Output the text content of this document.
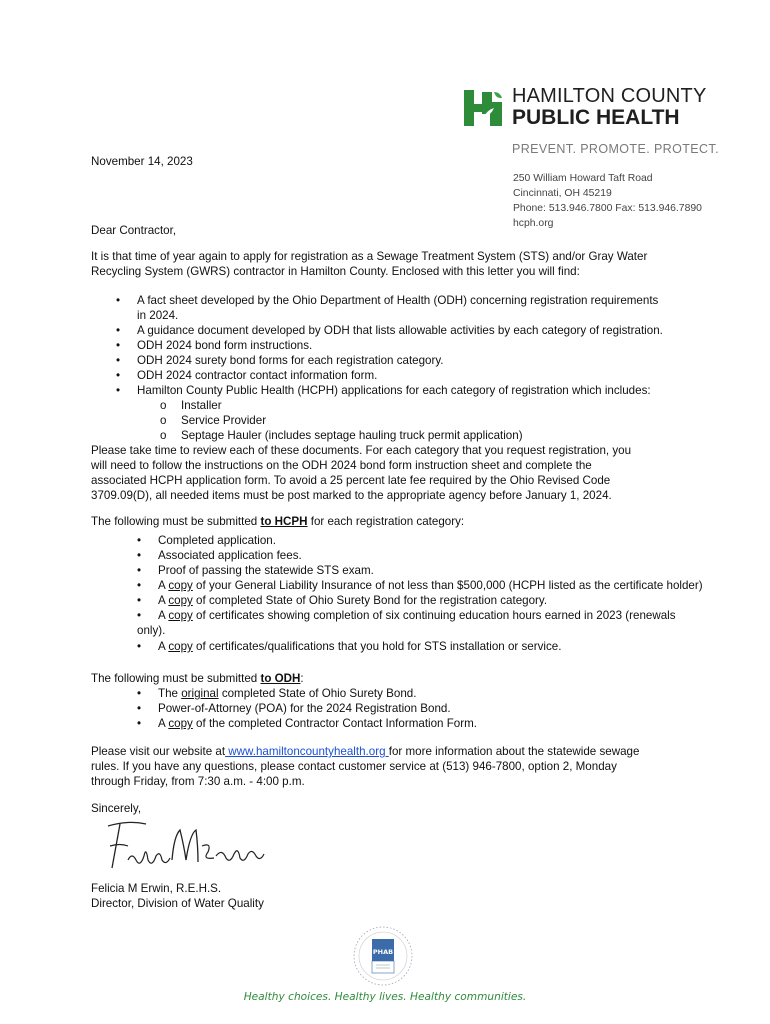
HAMILTON COUNTY
PUBLIC HEALTH
PREVENT. PROMOTE. PROTECT.
250 William Howard Taft Road
Cincinnati, OH 45219
Phone: 513.946.7800 Fax: 513.946.7890
hcph.org
November 14, 2023
Dear Contractor,
It is that time of year again to apply for registration as a Sewage Treatment System (STS) and/or Gray Water
Recycling System (GWRS) contractor in Hamilton County. Enclosed with this letter you will find:
• A fact sheet developed by the Ohio Department of Health (ODH) concerning registration requirements
in 2024.
• A guidance document developed by ODH that lists allowable activities by each category of registration.
• ODH 2024 bond form instructions.
• ODH 2024 surety bond forms for each registration category.
• ODH 2024 contractor contact information form.
• Hamilton County Public Health (HCPH) applications for each category of registration which includes:
o Installer
o Service Provider
o Septage Hauler (includes septage hauling truck permit application)
Please take time to review each of these documents. For each category that you request registration, you
will need to follow the instructions on the ODH 2024 bond form instruction sheet and complete the
associated HCPH application form. To avoid a 25 percent late fee required by the Ohio Revised Code
3709.09(D), all needed items must be post marked to the appropriate agency before January 1, 2024.
The following must be submitted to HCPH for each registration category:
• Completed application.
• Associated application fees.
• Proof of passing the statewide STS exam.
• A copy of your General Liability Insurance of not less than $500,000 (HCPH listed as the certificate holder)
• A copy of completed State of Ohio Surety Bond for the registration category.
• A copy of certificates showing completion of six continuing education hours earned in 2023 (renewals
only).
• A copy of certificates/qualifications that you hold for STS installation or service.
The following must be submitted to ODH:
• The original completed State of Ohio Surety Bond.
• Power-of-Attorney (POA) for the 2024 Registration Bond.
• A copy of the completed Contractor Contact Information Form.
Please visit our website at www.hamiltoncountyhealth.org for more information about the statewide sewage
rules. If you have any questions, please contact customer service at (513) 946-7800, option 2, Monday
through Friday, from 7:30 a.m. - 4:00 p.m.
Sincerely,
Felicia M Erwin, R.E.H.S.
Director, Division of Water Quality
PHAB
Healthy choices. Healthy lives. Healthy communities.
